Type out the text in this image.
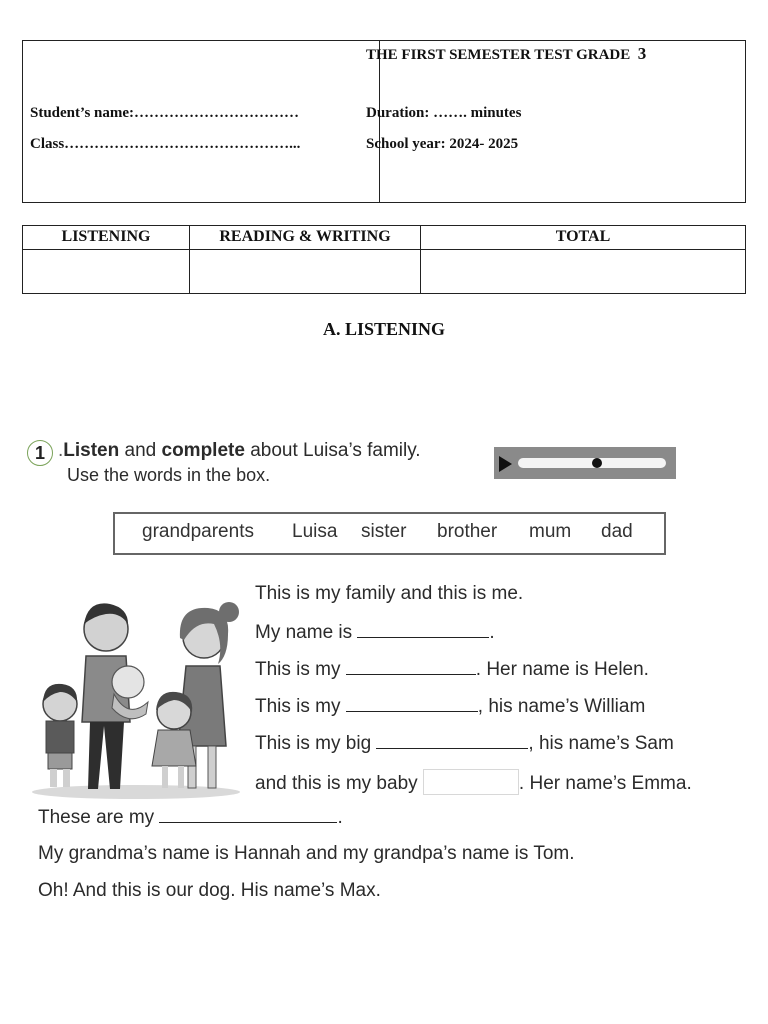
THE FIRST SEMESTER TEST GRADE 3
Student’s name:……………………………
Class………………………………………...
Duration: ……. minutes
School year: 2024- 2025
LISTENING	READING & WRITING	TOTAL
A. LISTENING
1 .Listen and complete about Luisa’s family.
Use the words in the box.
grandparents Luisa sister brother mum dad
This is my family and this is me.
My name is	.
This is my	. Her name is Helen.
This is my	, his name’s William
This is my big	, his name’s Sam
and this is my baby	. Her name’s Emma.
These are my	.
My grandma’s name is Hannah and my grandpa’s name is Tom.
Oh! And this is our dog. His name’s Max.
